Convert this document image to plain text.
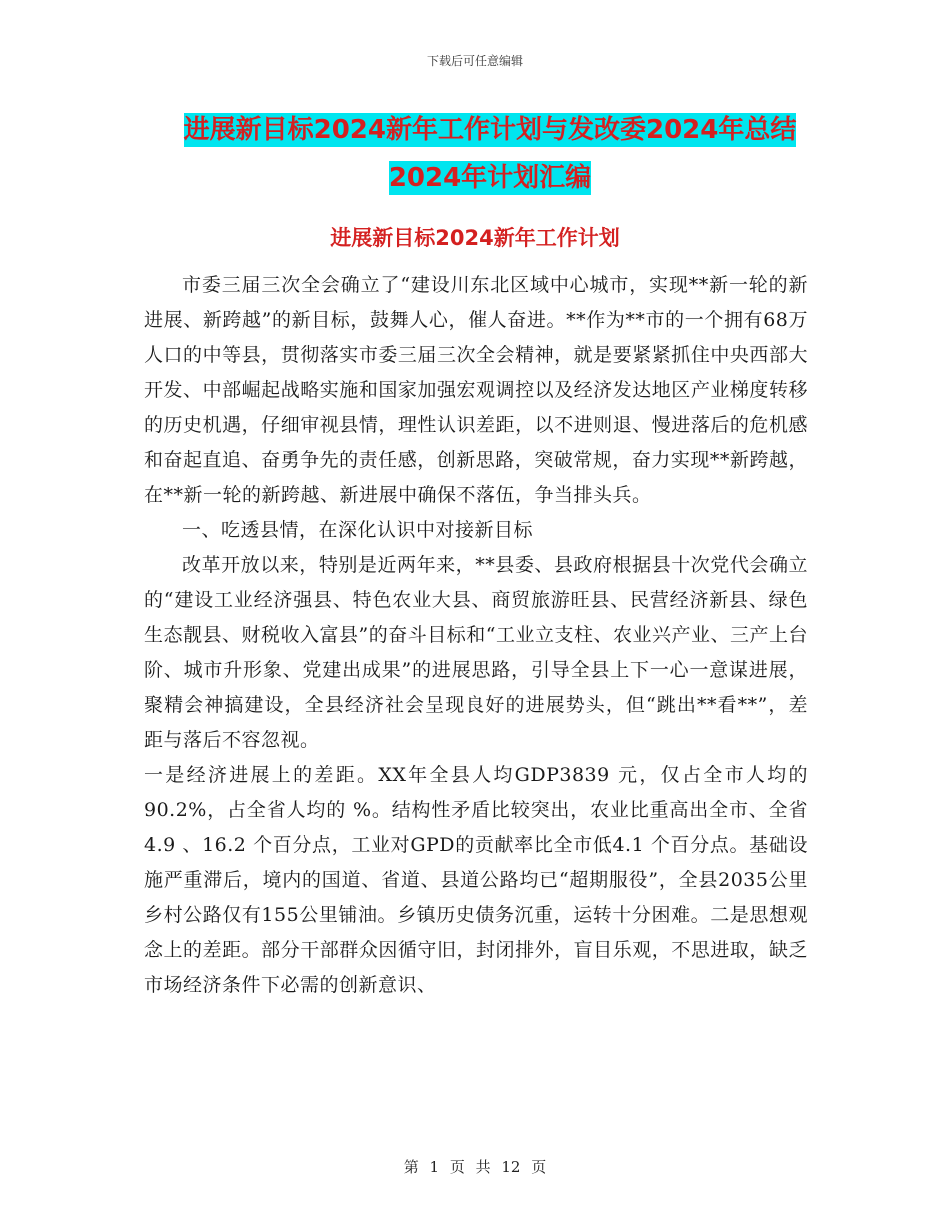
下载后可任意编辑
进展新目标2024新年工作计划与发改委2024年总结
2024年计划汇编
进展新目标2024新年工作计划

市委三届三次全会确立了“建设川东北区域中心城市，实现**新一轮的新进展、新跨越”的新目标，鼓舞人心，催人奋进。**作为**市的一个拥有68万人口的中等县，贯彻落实市委三届三次全会精神，就是要紧紧抓住中央西部大开发、中部崛起战略实施和国家加强宏观调控以及经济发达地区产业梯度转移的历史机遇，仔细审视县情，理性认识差距，以不进则退、慢进落后的危机感和奋起直追、奋勇争先的责任感，创新思路，突破常规，奋力实现**新跨越，在**新一轮的新跨越、新进展中确保不落伍，争当排头兵。

一、吃透县情，在深化认识中对接新目标

改革开放以来，特别是近两年来，**县委、县政府根据县十次党代会确立的“建设工业经济强县、特色农业大县、商贸旅游旺县、民营经济新县、绿色生态靓县、财税收入富县”的奋斗目标和“工业立支柱、农业兴产业、三产上台阶、城市升形象、党建出成果”的进展思路，引导全县上下一心一意谋进展，聚精会神搞建设，全县经济社会呈现良好的进展势头，但“跳出**看**”，差距与落后不容忽视。

一是经济进展上的差距。XX年全县人均GDP3839 元，仅占全市人均的90.2%，占全省人均的 %。结构性矛盾比较突出，农业比重高出全市、全省4.9 、16.2 个百分点，工业对GPD的贡献率比全市低4.1 个百分点。基础设施严重滞后，境内的国道、省道、县道公路均已“超期服役”，全县2035公里乡村公路仅有155公里铺油。乡镇历史债务沉重，运转十分困难。二是思想观念上的差距。部分干部群众因循守旧，封闭排外，盲目乐观，不思进取，缺乏市场经济条件下必需的创新意识、

第 1 页 共 12 页
